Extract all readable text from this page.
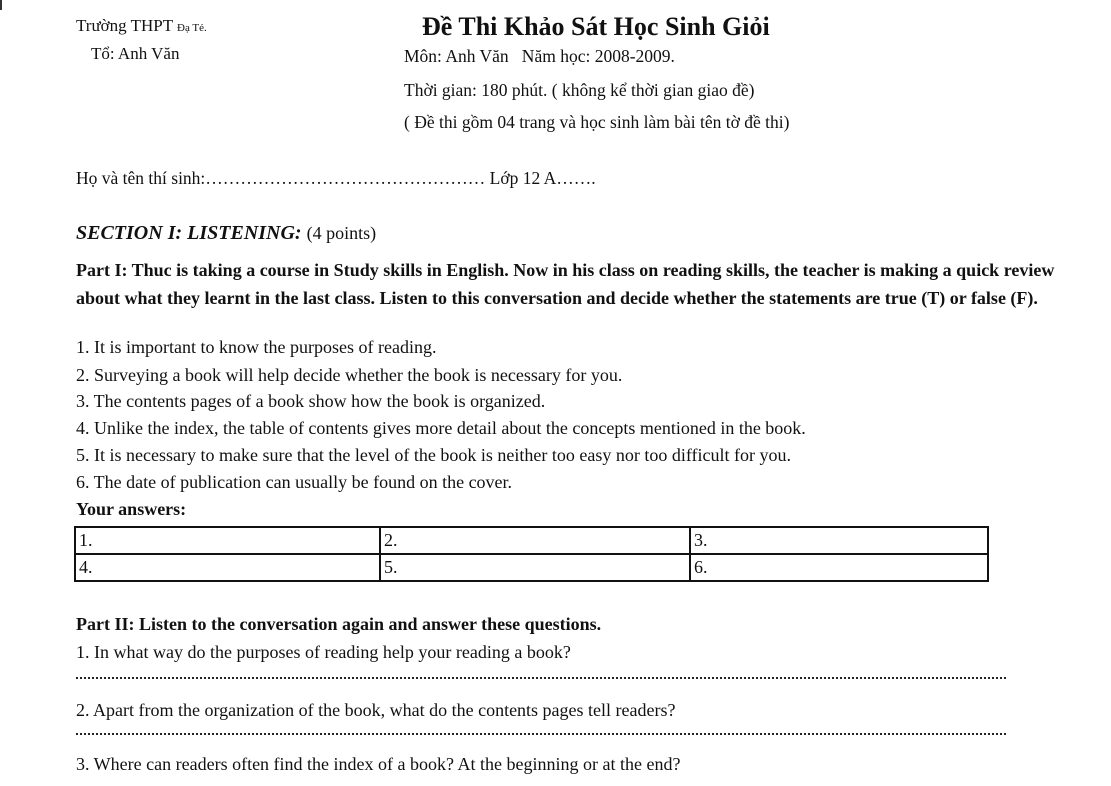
Trường THPT Đạ Tẻ.
Tổ: Anh Văn
Đề Thi Khảo Sát Học Sinh Giỏi
Môn: Anh Văn   Năm học: 2008-2009.
Thời gian: 180 phút. ( không kể thời gian giao đề)
( Đề thi gồm 04 trang và học sinh làm bài tên tờ đề thi)
Họ và tên thí sinh:………………………………………… Lớp 12 A…….
SECTION I: LISTENING: (4 points)
Part I: Thuc is taking a course in Study skills in English. Now in his class on reading skills, the teacher is making a quick review about what they learnt in the last class. Listen to this conversation and decide whether the statements are true (T) or false (F).
1. It is important to know the purposes of reading.
2. Surveying a book will help decide whether the book is necessary for you.
3. The contents pages of a book show how the book is organized.
4. Unlike the index, the table of contents gives more detail about the concepts mentioned in the book.
5. It is necessary to make sure that the level of the book is neither too easy nor too difficult for you.
6. The date of publication can usually be found on the cover.
Your answers:
1.	2.	3.
4.	5.	6.
Part II: Listen to the conversation again and answer these questions.
1. In what way do the purposes of reading help your reading a book?
2. Apart from the organization of the book, what do the contents pages tell readers?
3. Where can readers often find the index of a book? At the beginning or at the end?
